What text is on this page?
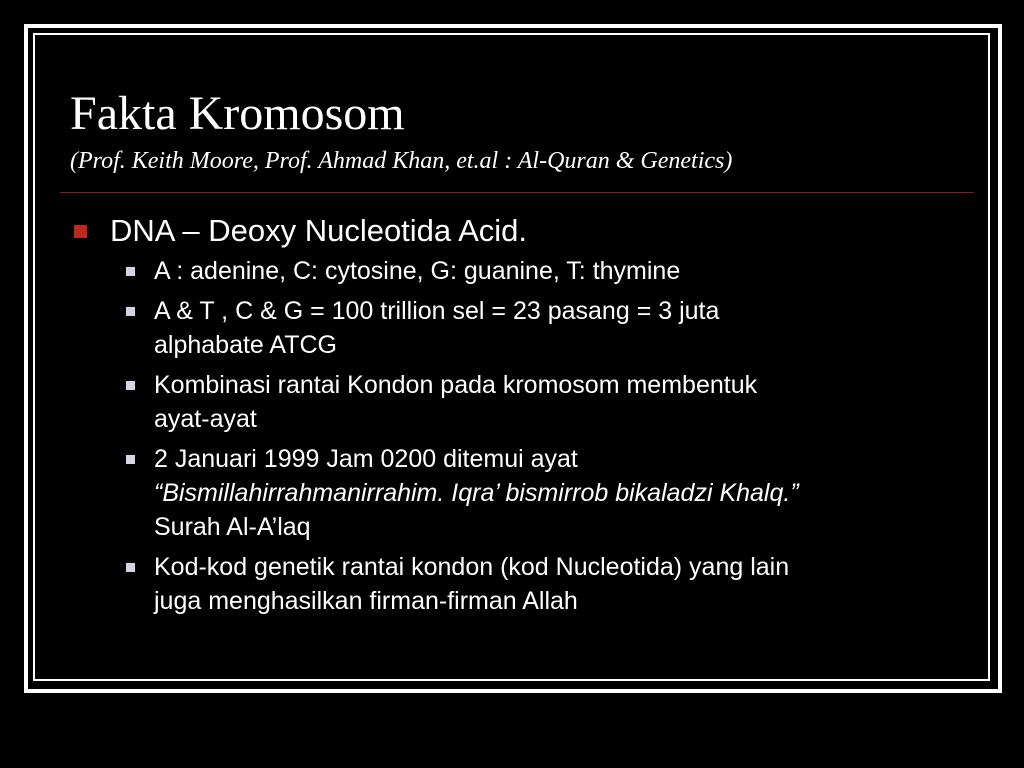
Fakta Kromosom
(Prof. Keith Moore, Prof. Ahmad Khan, et.al : Al-Quran & Genetics)
DNA – Deoxy Nucleotida Acid.
A : adenine, C: cytosine, G: guanine, T: thymine
A & T , C & G = 100 trillion sel = 23 pasang = 3 juta
alphabate ATCG
Kombinasi rantai Kondon pada kromosom membentuk
ayat-ayat
2 Januari 1999 Jam 0200 ditemui ayat
“Bismillahirrahmanirrahim. Iqra’ bismirrob bikaladzi Khalq.”
Surah Al-A’laq
Kod-kod genetik rantai kondon (kod Nucleotida) yang lain
juga menghasilkan firman-firman Allah
